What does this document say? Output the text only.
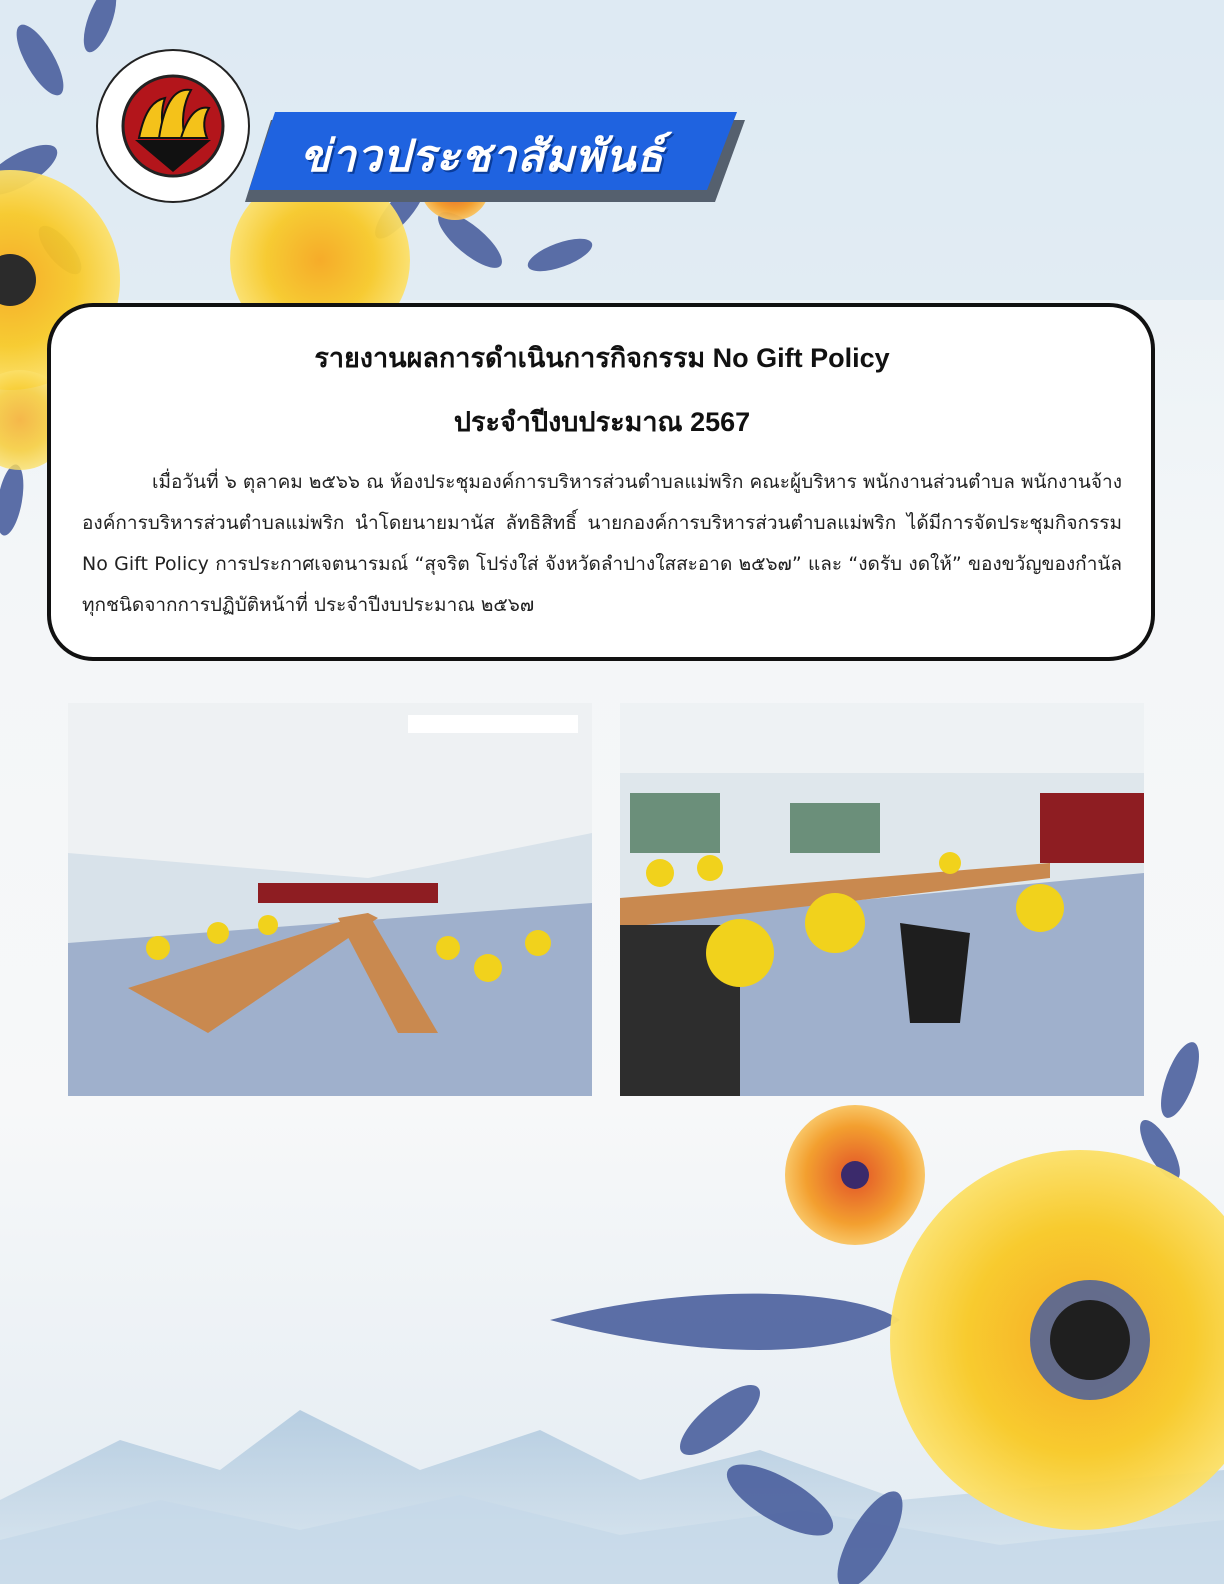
ข่าวประชาสัมพันธ์
รายงานผลการดำเนินการกิจกรรม No Gift Policy
ประจำปีงบประมาณ 2567
เมื่อวันที่ ๖ ตุลาคม ๒๕๖๖ ณ ห้องประชุมองค์การบริหารส่วนตำบลแม่พริก คณะผู้บริหาร พนักงานส่วนตำบล พนักงานจ้างองค์การบริหารส่วนตำบลแม่พริก นำโดยนายมานัส ลัทธิสิทธิ์ นายกองค์การบริหารส่วนตำบลแม่พริก ได้มีการจัดประชุมกิจกรรม No Gift Policy การประกาศเจตนารมณ์ “สุจริต โปร่งใส่ จังหวัดลำปางใสสะอาด ๒๕๖๗” และ “งดรับ งดให้” ของขวัญของกำนัลทุกชนิดจากการปฏิบัติหน้าที่ ประจำปีงบประมาณ ๒๕๖๗
